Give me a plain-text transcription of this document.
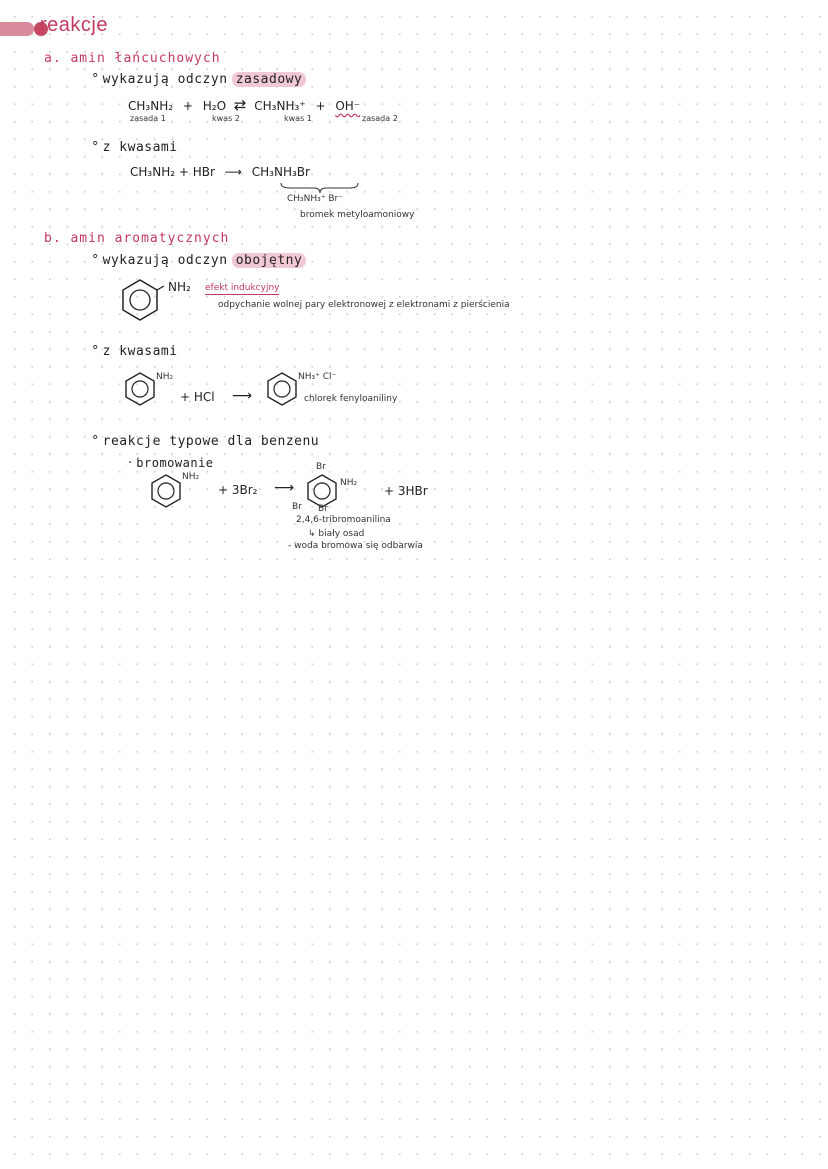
reakcje
a. amin łańcuchowych
° wykazują odczyn zasadowy
CH₃NH₂ + H₂O ⇄ CH₃NH₃⁺ + OH⁻
zasada 1	kwas 2	kwas 1	zasada 2
° z kwasami
CH₃NH₂ + HBr ⟶ CH₃NH₃Br
CH₃NH₃⁺ Br⁻
bromek metyloamoniowy
b. amin aromatycznych
° wykazują odczyn obojętny
NH₂ efekt indukcyjny
odpychanie wolnej pary elektronowej z elektronami z pierścienia
° z kwasami
NH₂
+ HCl ⟶
NH₃⁺ Cl⁻
chlorek fenyloaniliny
° reakcje typowe dla benzenu
· bromowanie
NH₂
+ 3Br₂ ⟶
Br
NH₂
+ 3HBr
Br Br
2,4,6-tribromoanilina
↳ biały osad
- woda bromowa się odbarwia
